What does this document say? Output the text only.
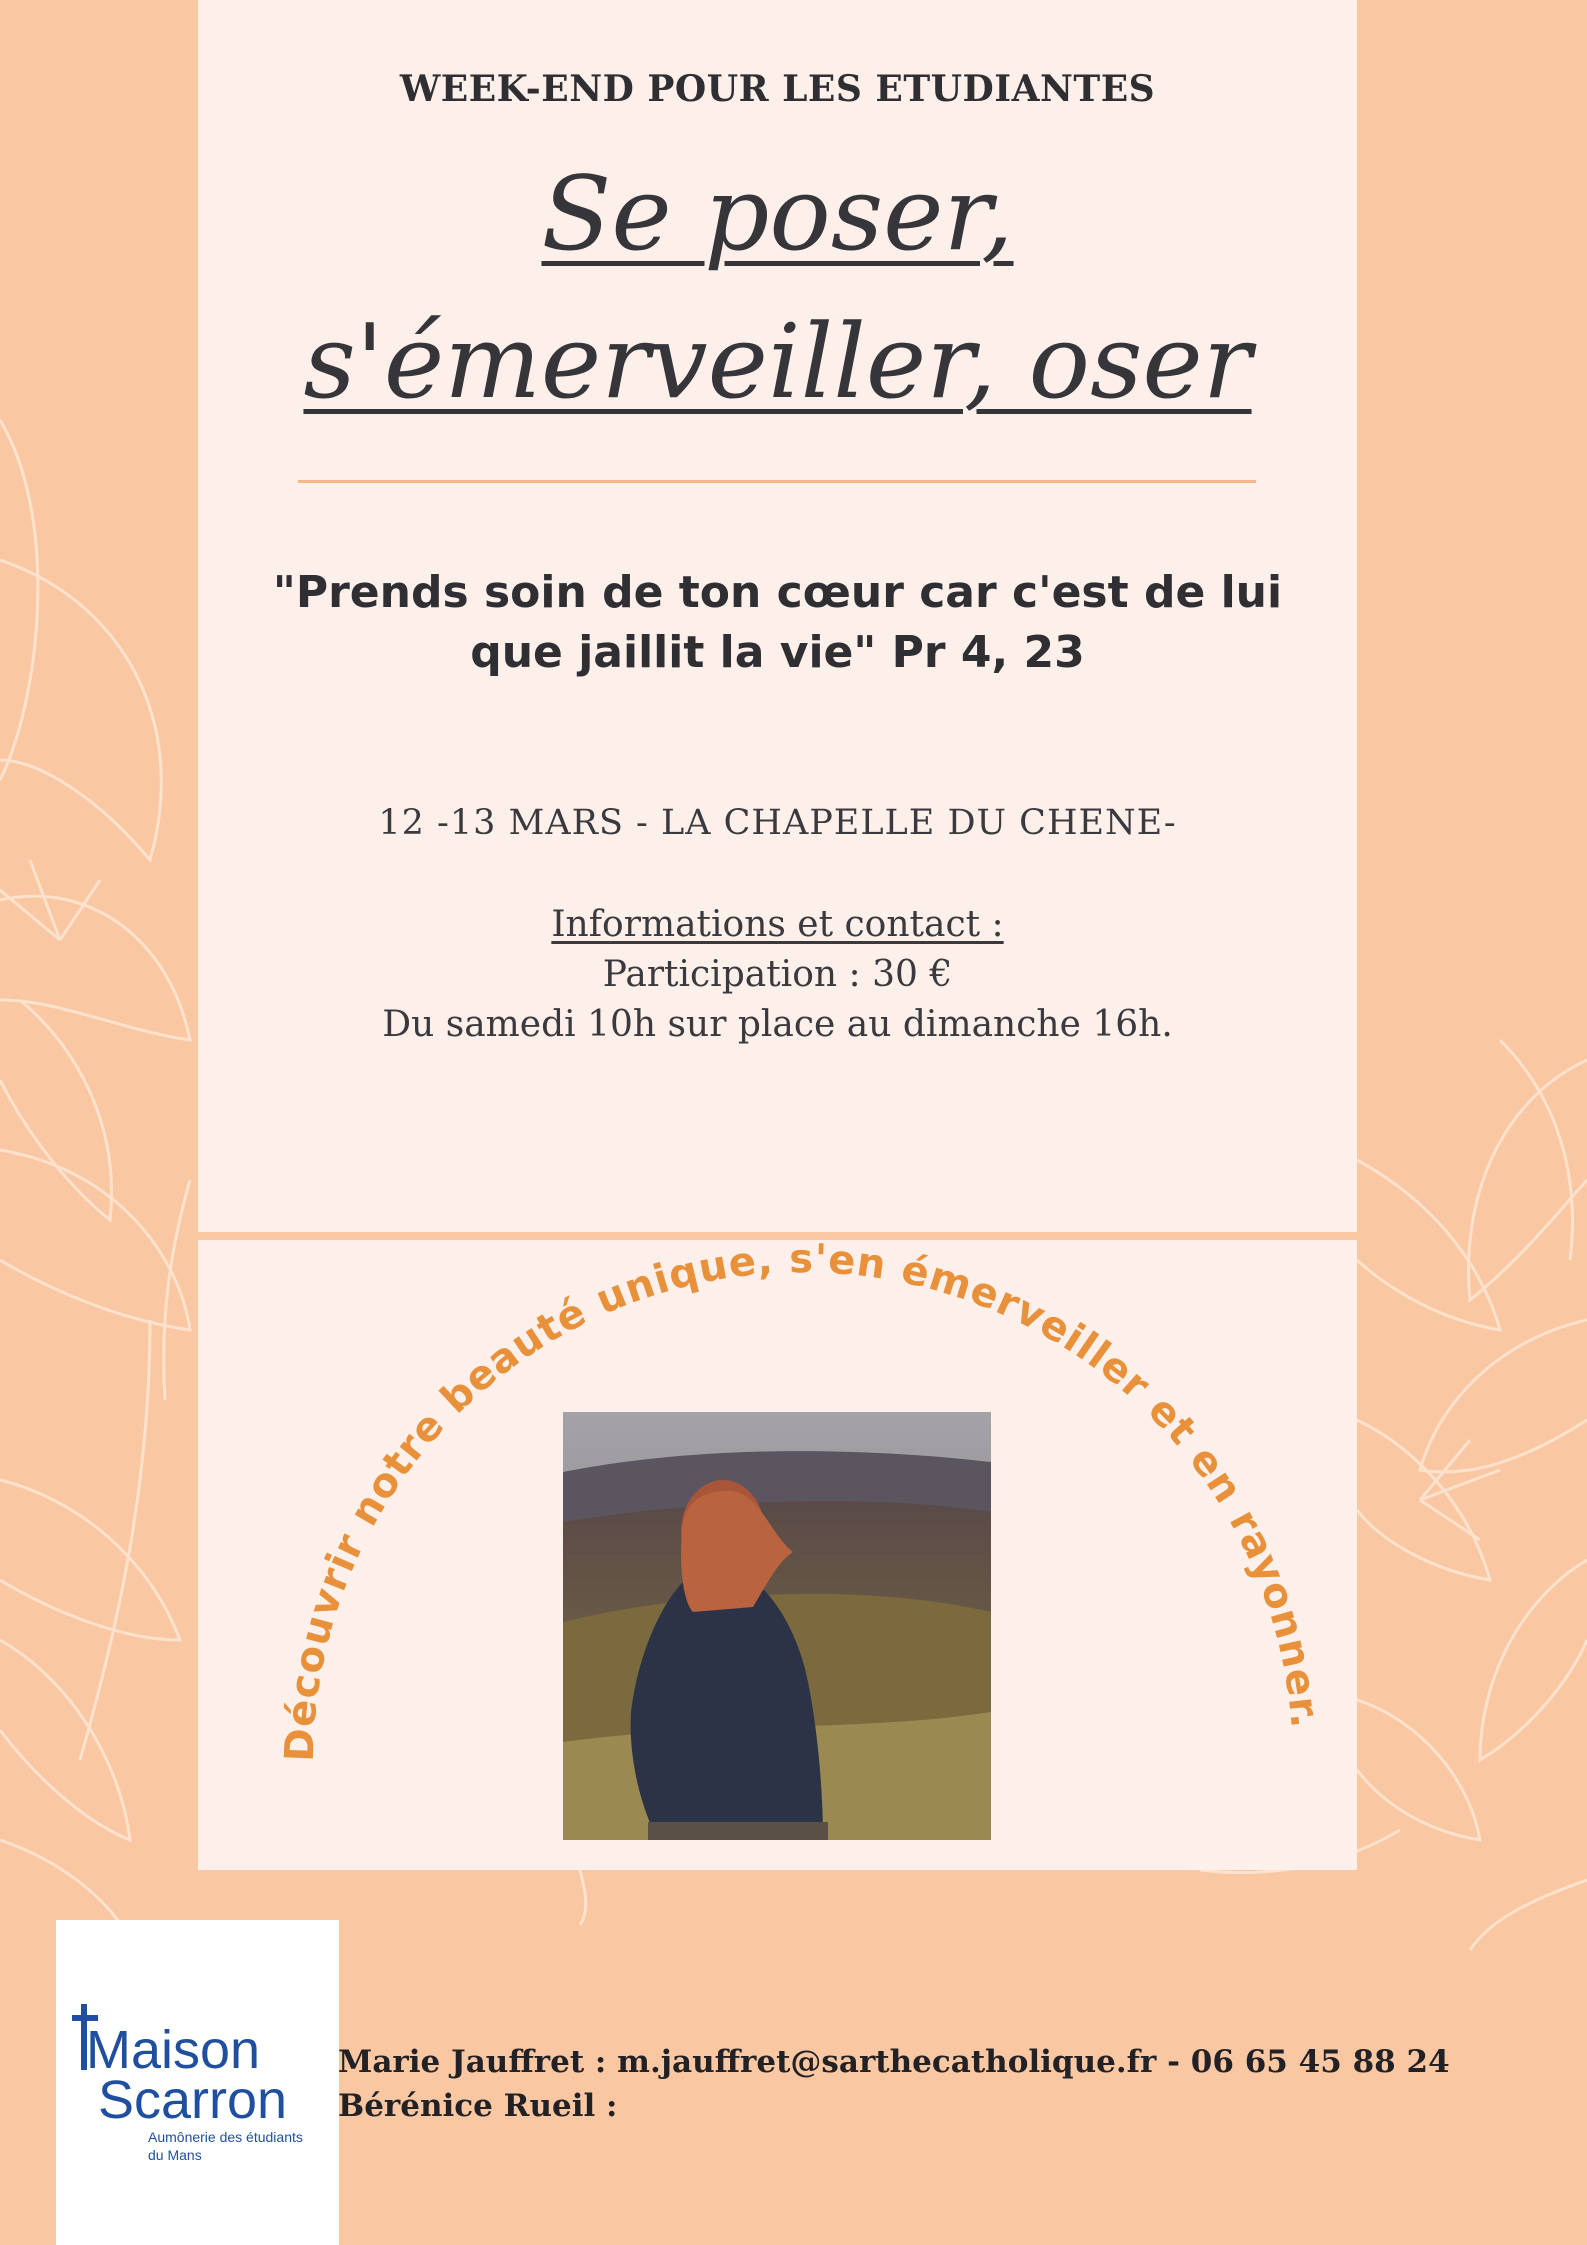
WEEK-END POUR LES ETUDIANTES
Se poser,
s'émerveiller, oser
"Prends soin de ton cœur car c'est de lui
que jaillit la vie" Pr 4, 23
12 -13 MARS - LA CHAPELLE DU CHENE-
Informations et contact :
Participation : 30 €
Du samedi 10h sur place au dimanche 16h.
Découvrir notre beauté unique, s'en émerveiller et en rayonner.
Maison
Scarron
Aumônerie des étudiants
du Mans
Marie Jauffret : m.jauffret@sarthecatholique.fr - 06 65 45 88 24
Bérénice Rueil :
